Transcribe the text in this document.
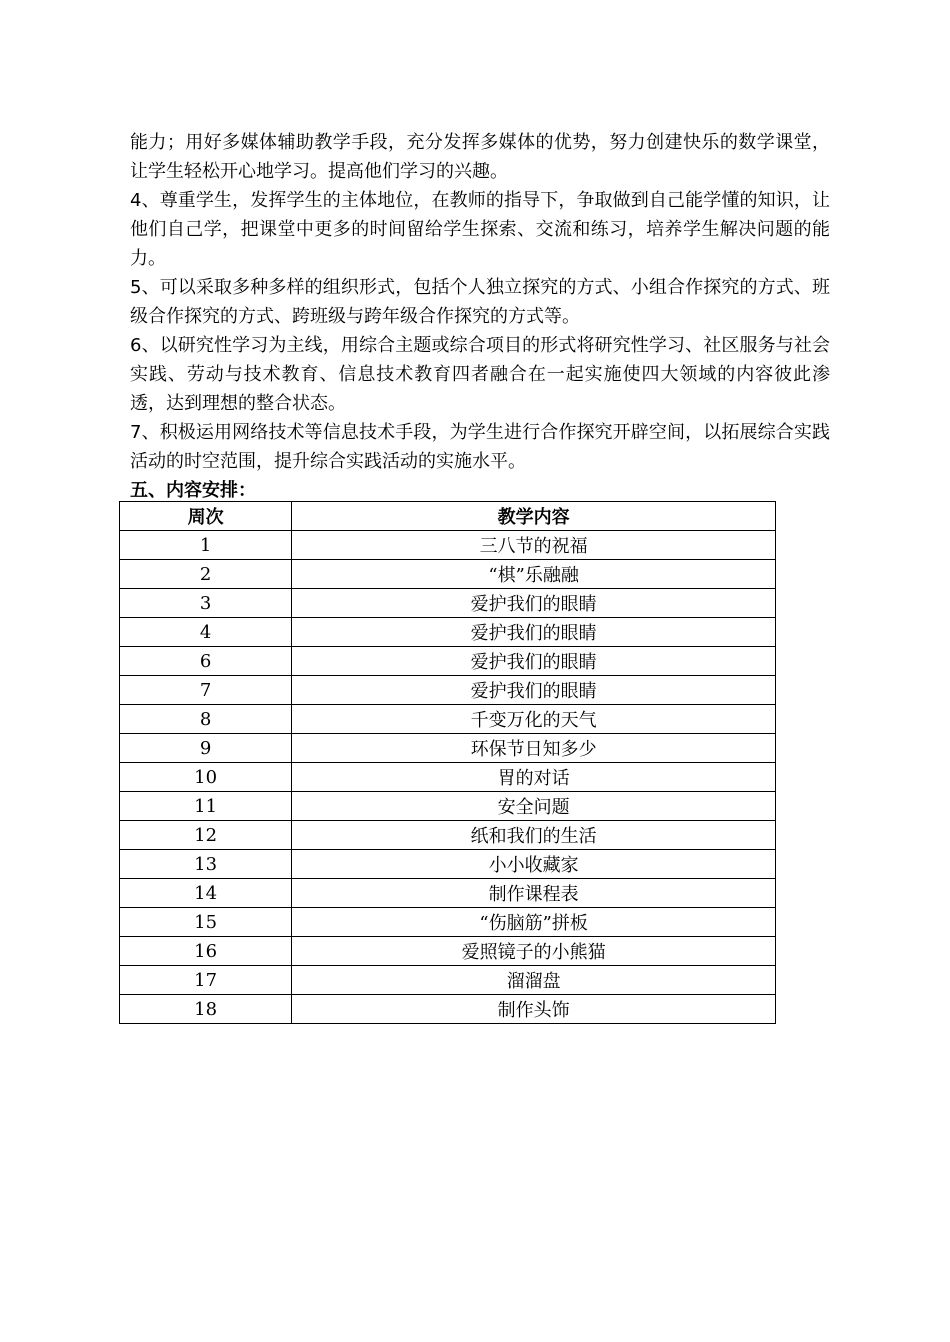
能力；用好多媒体辅助教学手段，充分发挥多媒体的优势，努力创建快乐的数学课堂，让学生轻松开心地学习。提高他们学习的兴趣。

4、尊重学生，发挥学生的主体地位，在教师的指导下，争取做到自己能学懂的知识，让他们自己学，把课堂中更多的时间留给学生探索、交流和练习，培养学生解决问题的能力。

5、可以采取多种多样的组织形式，包括个人独立探究的方式、小组合作探究的方式、班级合作探究的方式、跨班级与跨年级合作探究的方式等。

6、以研究性学习为主线，用综合主题或综合项目的形式将研究性学习、社区服务与社会实践、劳动与技术教育、信息技术教育四者融合在一起实施使四大领域的内容彼此渗透，达到理想的整合状态。

7、积极运用网络技术等信息技术手段，为学生进行合作探究开辟空间，以拓展综合实践活动的时空范围，提升综合实践活动的实施水平。

五、内容安排：

周次	教学内容
1	三八节的祝福
2	“棋”乐融融
3	爱护我们的眼睛
4	爱护我们的眼睛
6	爱护我们的眼睛
7	爱护我们的眼睛
8	千变万化的天气
9	环保节日知多少
10	胃的对话
11	安全问题
12	纸和我们的生活
13	小小收藏家
14	制作课程表
15	“伤脑筋”拼板
16	爱照镜子的小熊猫
17	溜溜盘
18	制作头饰
